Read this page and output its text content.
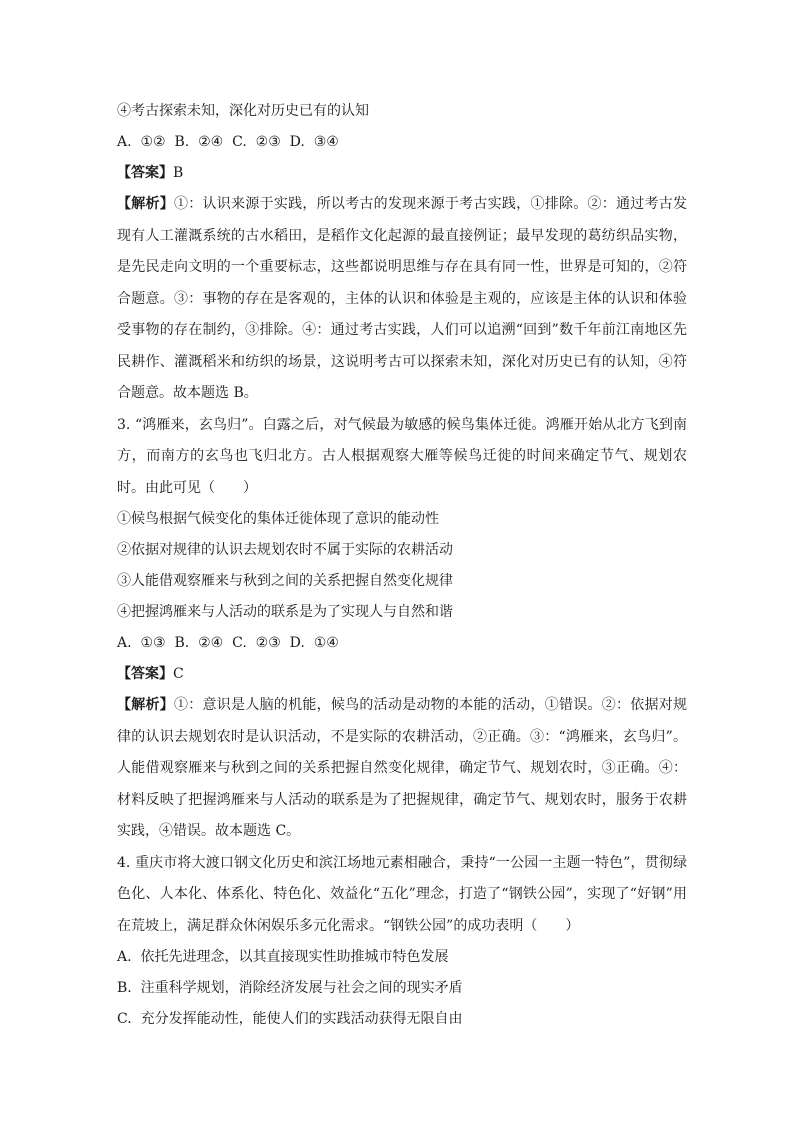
④考古探索未知，深化对历史已有的认知
A.  ①②  B.  ②④  C.  ②③  D.  ③④
【答案】B
【解析】①：认识来源于实践，所以考古的发现来源于考古实践，①排除。②：通过考古发现有人工灌溉系统的古水稻田，是稻作文化起源的最直接例证；最早发现的葛纺织品实物，是先民走向文明的一个重要标志，这些都说明思维与存在具有同一性，世界是可知的，②符合题意。③：事物的存在是客观的，主体的认识和体验是主观的，应该是主体的认识和体验受事物的存在制约，③排除。④：通过考古实践，人们可以追溯“回到”数千年前江南地区先民耕作、灌溉稻米和纺织的场景，这说明考古可以探索未知，深化对历史已有的认知，④符合题意。故本题选 B。
3. “鸿雁来，玄鸟归”。白露之后，对气候最为敏感的候鸟集体迁徙。鸿雁开始从北方飞到南方，而南方的玄鸟也飞归北方。古人根据观察大雁等候鸟迁徙的时间来确定节气、规划农时。由此可见（　　）
①候鸟根据气候变化的集体迁徙体现了意识的能动性
②依据对规律的认识去规划农时不属于实际的农耕活动
③人能借观察雁来与秋到之间的关系把握自然变化规律
④把握鸿雁来与人活动的联系是为了实现人与自然和谐
A.  ①③  B.  ②④  C.  ②③  D.  ①④
【答案】C
【解析】①：意识是人脑的机能，候鸟的活动是动物的本能的活动，①错误。②：依据对规律的认识去规划农时是认识活动，不是实际的农耕活动，②正确。③：“鸿雁来，玄鸟归”。人能借观察雁来与秋到之间的关系把握自然变化规律，确定节气、规划农时，③正确。④：材料反映了把握鸿雁来与人活动的联系是为了把握规律，确定节气、规划农时，服务于农耕实践，④错误。故本题选 C。
4. 重庆市将大渡口钢文化历史和滨江场地元素相融合，秉持“一公园一主题一特色”，贯彻绿色化、人本化、体系化、特色化、效益化“五化”理念，打造了“钢铁公园”，实现了“好钢”用在荒坡上，满足群众休闲娱乐多元化需求。“钢铁公园”的成功表明（　　）
A.  依托先进理念，以其直接现实性助推城市特色发展
B.  注重科学规划，消除经济发展与社会之间的现实矛盾
C.  充分发挥能动性，能使人们的实践活动获得无限自由
